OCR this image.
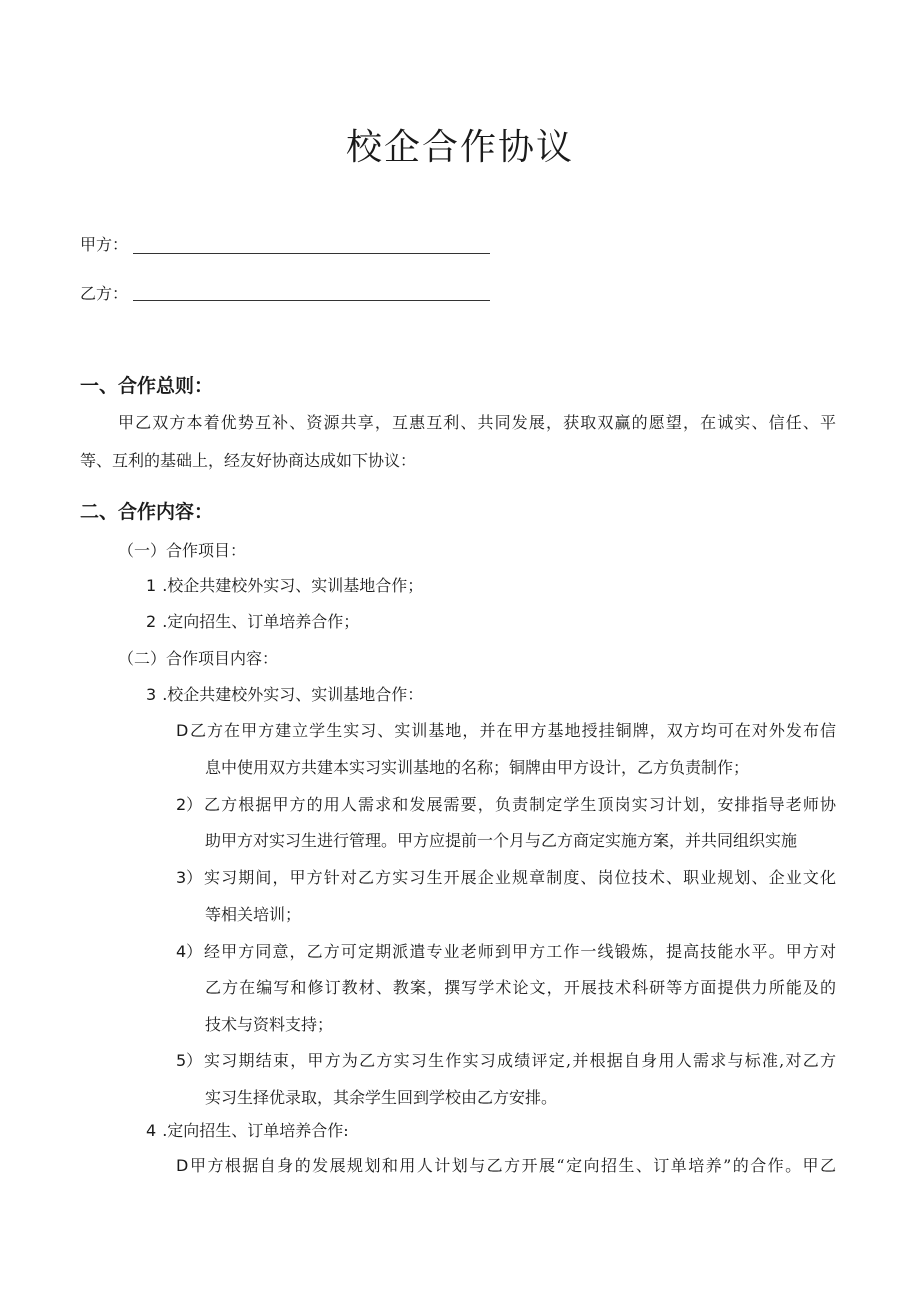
校企合作协议
甲方：
乙方：
一、合作总则：
甲乙双方本着优势互补、资源共享，互惠互利、共同发展，获取双赢的愿望，在诚实、信任、平
等、互利的基础上，经友好协商达成如下协议：
二、合作内容：
（一）合作项目：
1 .校企共建校外实习、实训基地合作；
2 .定向招生、订单培养合作；
（二）合作项目内容：
3 .校企共建校外实习、实训基地合作：
D 乙方在甲方建立学生实习、实训基地，并在甲方基地授挂铜牌，双方均可在对外发布信
息中使用双方共建本实习实训基地的名称；铜牌由甲方设计，乙方负责制作；
2） 乙方根据甲方的用人需求和发展需要，负责制定学生顶岗实习计划，安排指导老师协
助甲方对实习生进行管理。甲方应提前一个月与乙方商定实施方案，并共同组织实施
3） 实习期间，甲方针对乙方实习生开展企业规章制度、岗位技术、职业规划、企业文化
等相关培训；
4） 经甲方同意，乙方可定期派遣专业老师到甲方工作一线锻炼，提高技能水平。甲方对
乙方在编写和修订教材、教案，撰写学术论文，开展技术科研等方面提供力所能及的
技术与资料支持；
5） 实习期结束，甲方为乙方实习生作实习成绩评定,并根据自身用人需求与标准,对乙方
实习生择优录取，其余学生回到学校由乙方安排。
4 .定向招生、订单培养合作:
D 甲方根据自身的发展规划和用人计划与乙方开展“定向招生、订单培养”的合作。甲乙
